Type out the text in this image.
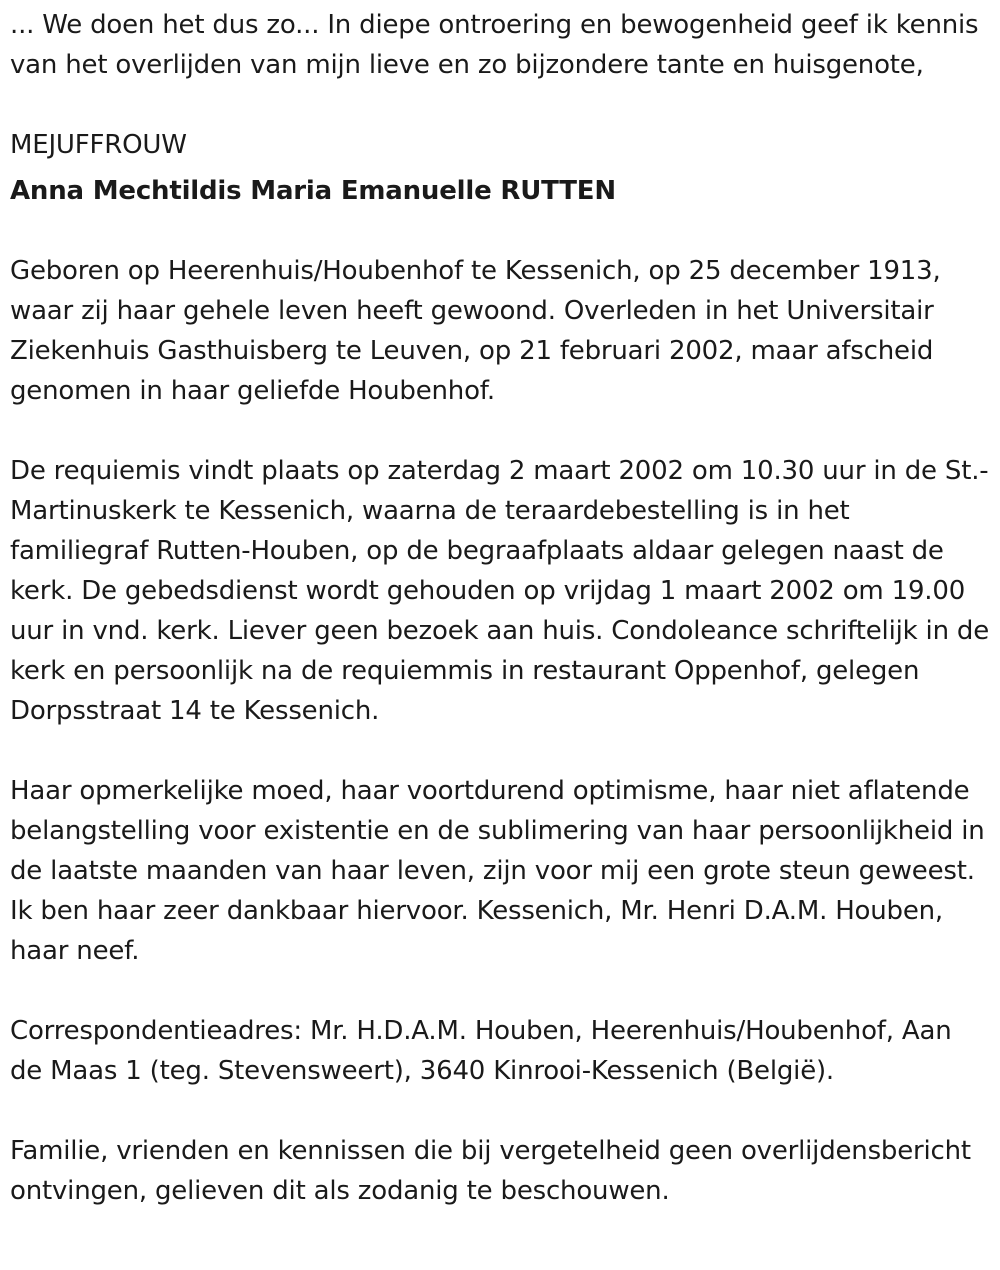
... We doen het dus zo... In diepe ontroering en bewogenheid geef ik kennis van het overlijden van mijn lieve en zo bijzondere tante en huisgenote,

MEJUFFROUW

Anna Mechtildis Maria Emanuelle RUTTEN

Geboren op Heerenhuis/Houbenhof te Kessenich, op 25 december 1913, waar zij haar gehele leven heeft gewoond. Overleden in het Universitair Ziekenhuis Gasthuisberg te Leuven, op 21 februari 2002, maar afscheid genomen in haar geliefde Houbenhof.

De requiemis vindt plaats op zaterdag 2 maart 2002 om 10.30 uur in de St.-Martinuskerk te Kessenich, waarna de teraardebestelling is in het familiegraf Rutten-Houben, op de begraafplaats aldaar gelegen naast de kerk. De gebedsdienst wordt gehouden op vrijdag 1 maart 2002 om 19.00 uur in vnd. kerk. Liever geen bezoek aan huis. Condoleance schriftelijk in de kerk en persoonlijk na de requiemmis in restaurant Oppenhof, gelegen Dorpsstraat 14 te Kessenich.

Haar opmerkelijke moed, haar voortdurend optimisme, haar niet aflatende belangstelling voor existentie en de sublimering van haar persoonlijkheid in de laatste maanden van haar leven, zijn voor mij een grote steun geweest. Ik ben haar zeer dankbaar hiervoor. Kessenich, Mr. Henri D.A.M. Houben, haar neef.

Correspondentieadres: Mr. H.D.A.M. Houben, Heerenhuis/Houbenhof, Aan de Maas 1 (teg. Stevensweert), 3640 Kinrooi-Kessenich (België).

Familie, vrienden en kennissen die bij vergetelheid geen overlijdensbericht ontvingen, gelieven dit als zodanig te beschouwen.
